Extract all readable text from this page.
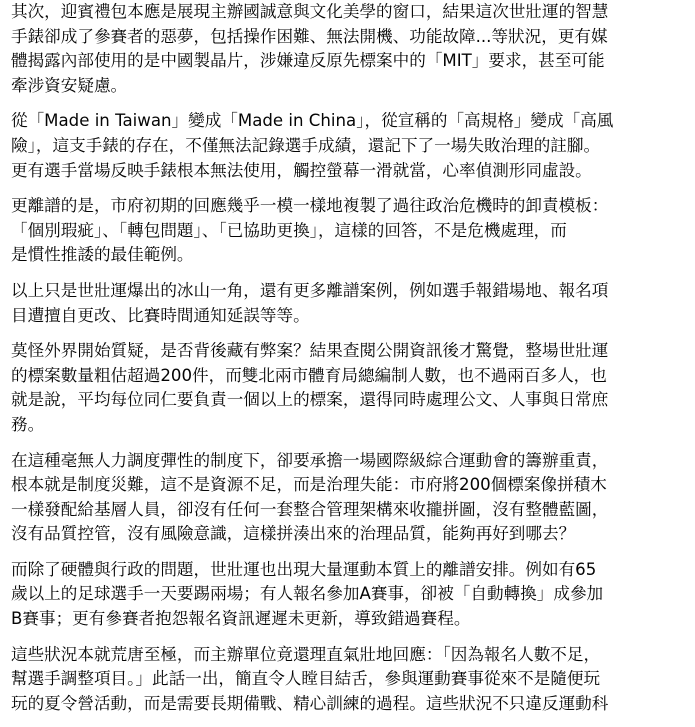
其次，迎賓禮包本應是展現主辦國誠意與文化美學的窗口，結果這次世壯運的智慧
手錶卻成了參賽者的惡夢，包括操作困難、無法開機、功能故障...等狀況，更有媒
體揭露內部使用的是中國製晶片，涉嫌違反原先標案中的「MIT」要求，甚至可能
牽涉資安疑慮。

從「Made in Taiwan」變成「Made in China」，從宣稱的「高規格」變成「高風
險」，這支手錶的存在，不僅無法記錄選手成績，還記下了一場失敗治理的註腳。
更有選手當場反映手錶根本無法使用，觸控螢幕一滑就當，心率偵測形同虛設。

更離譜的是，市府初期的回應幾乎一模一樣地複製了過往政治危機時的卸責模板：
「個別瑕疵」、「轉包問題」、「已協助更換」，這樣的回答，不是危機處理，而
是慣性推諉的最佳範例。

以上只是世壯運爆出的冰山一角，還有更多離譜案例，例如選手報錯場地、報名項
目遭擅自更改、比賽時間通知延誤等等。

莫怪外界開始質疑，是否背後藏有弊案？結果查閱公開資訊後才驚覺，整場世壯運
的標案數量粗估超過200件，而雙北兩市體育局總編制人數，也不過兩百多人，也
就是說，平均每位同仁要負責一個以上的標案，還得同時處理公文、人事與日常庶
務。

在這種毫無人力調度彈性的制度下，卻要承擔一場國際級綜合運動會的籌辦重責，
根本就是制度災難，這不是資源不足，而是治理失能：市府將200個標案像拼積木
一樣發配給基層人員，卻沒有任何一套整合管理架構來收攏拼圖，沒有整體藍圖，
沒有品質控管，沒有風險意識，這樣拼湊出來的治理品質，能夠再好到哪去？

而除了硬體與行政的問題，世壯運也出現大量運動本質上的離譜安排。例如有65
歲以上的足球選手一天要踢兩場；有人報名參加A賽事，卻被「自動轉換」成參加
B賽事；更有參賽者抱怨報名資訊遲遲未更新，導致錯過賽程。

這些狀況本就荒唐至極，而主辦單位竟還理直氣壯地回應：「因為報名人數不足，
幫選手調整項目。」此話一出，簡直令人瞠目結舌，參與運動賽事從來不是隨便玩
玩的夏令營活動，而是需要長期備戰、精心訓練的過程。這些狀況不只違反運動科
